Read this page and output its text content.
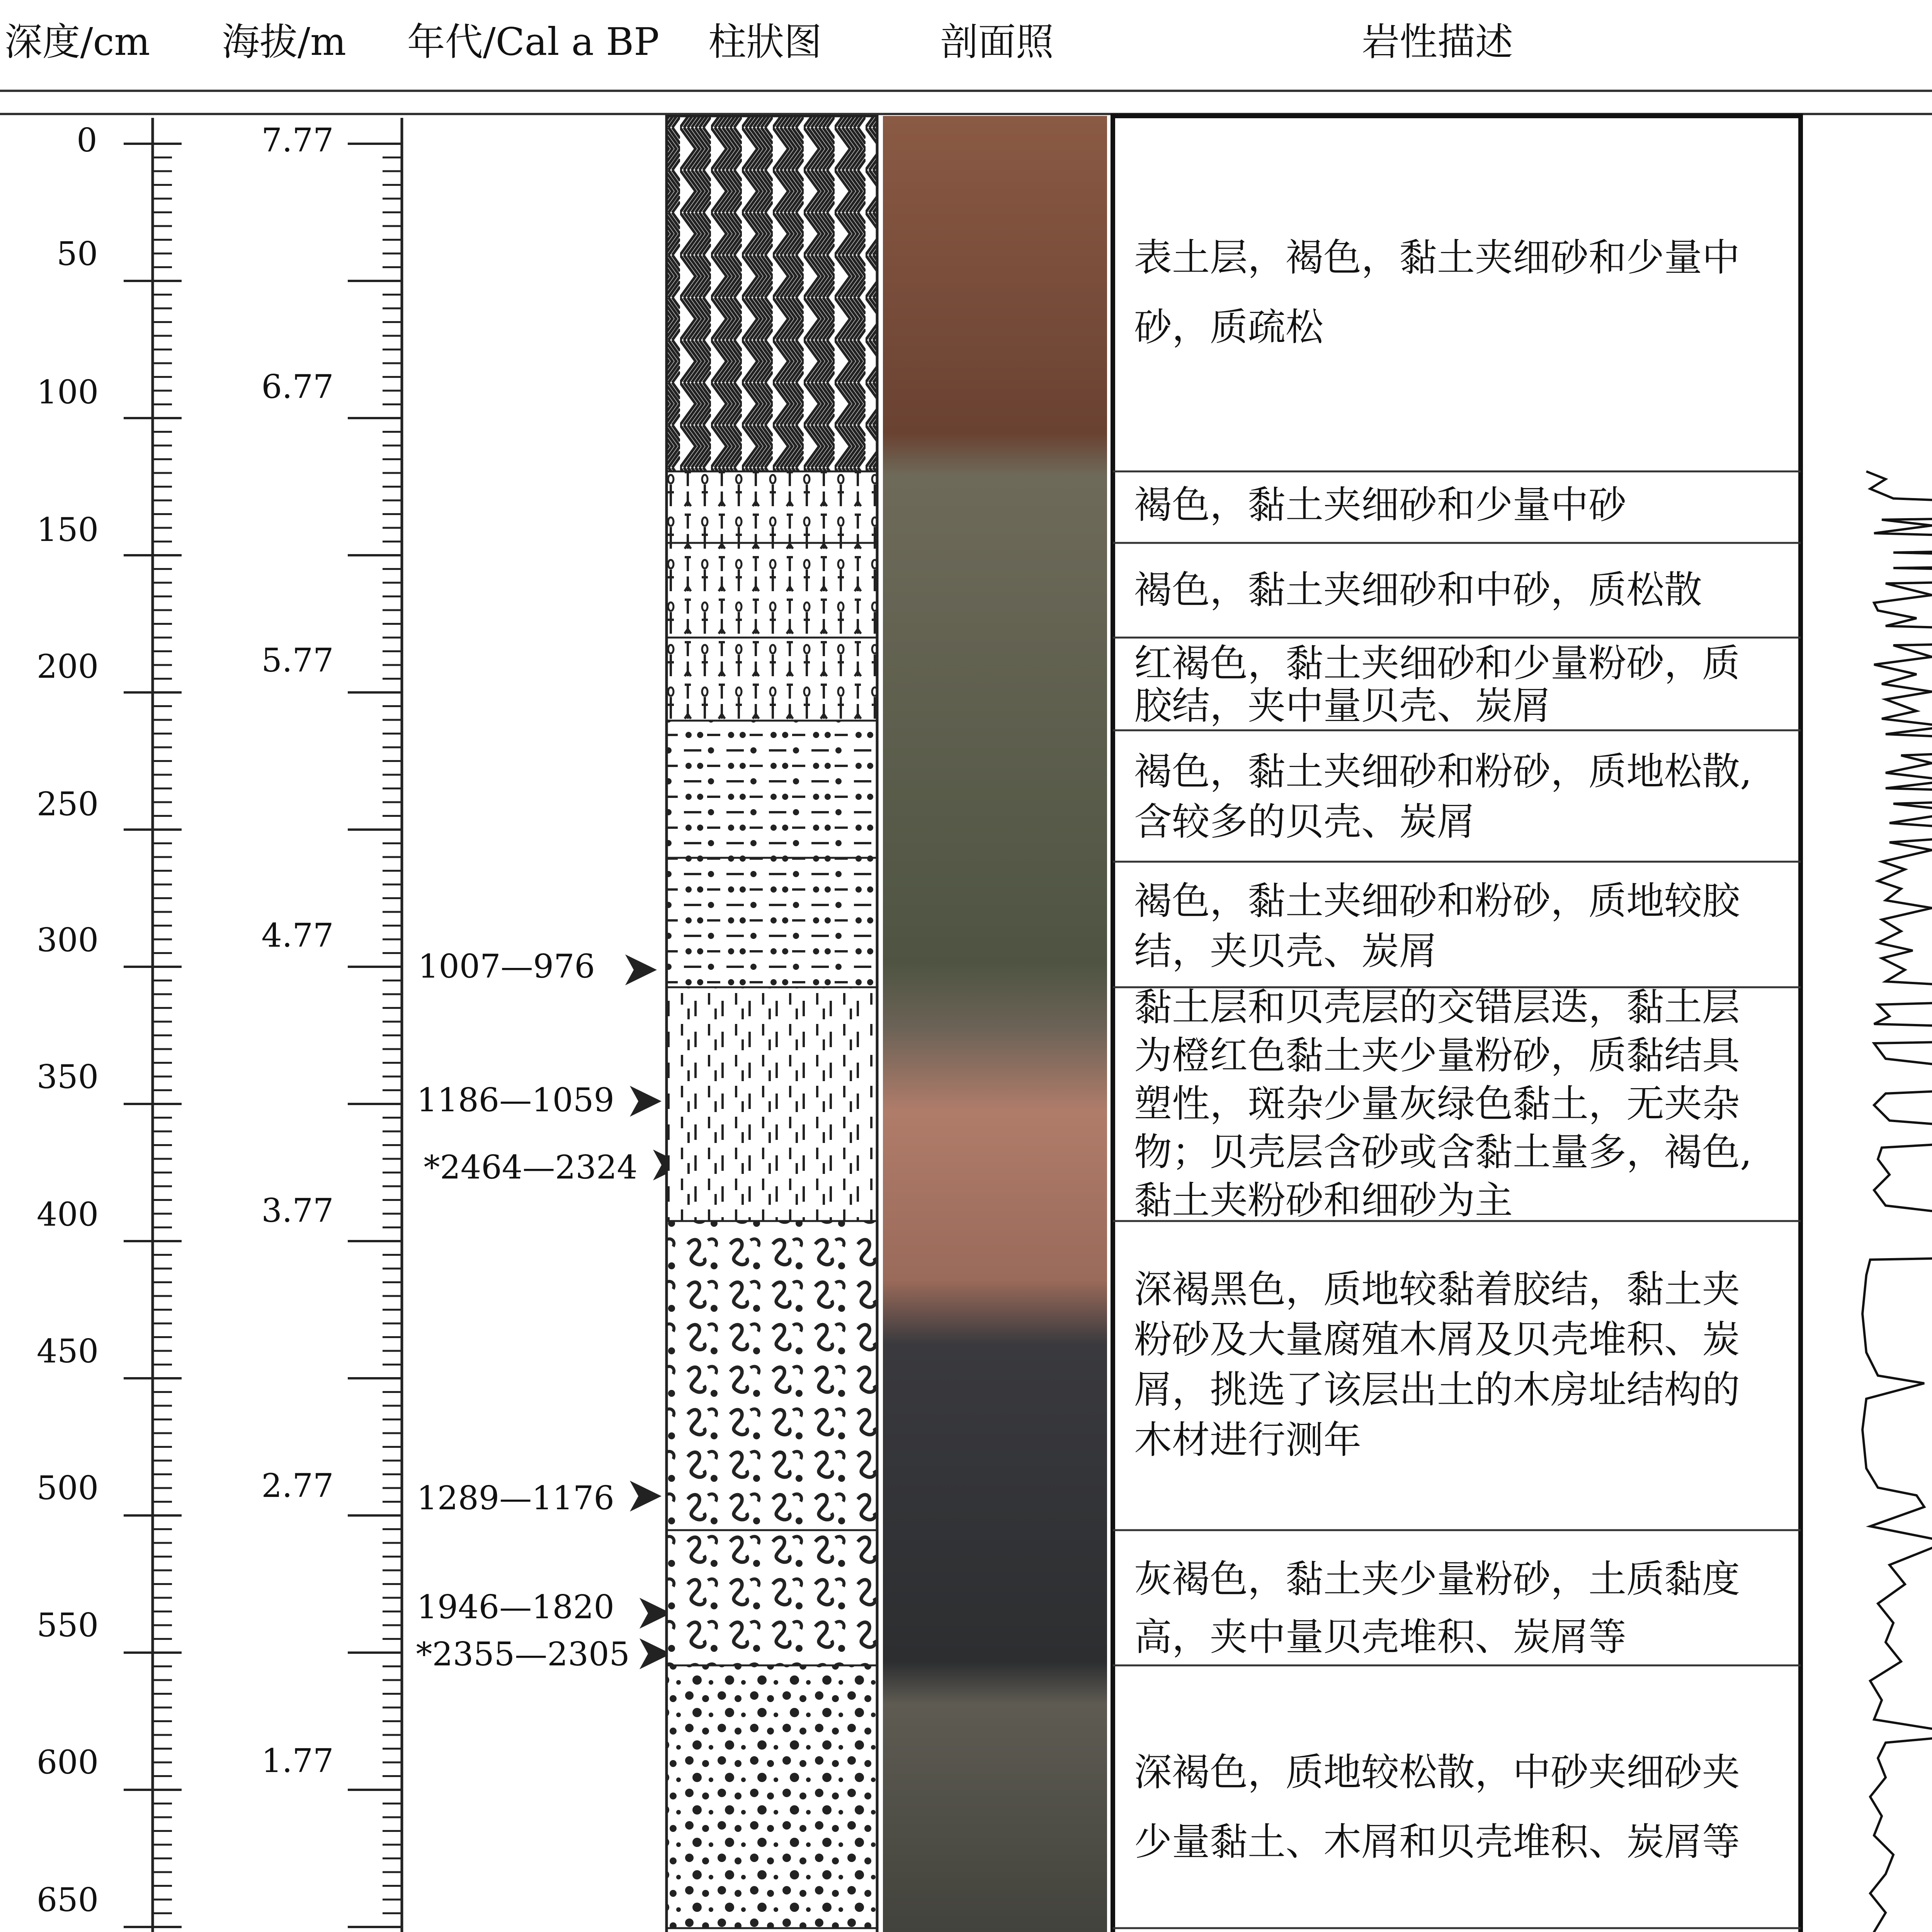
深度/cm 海拔/m 年代/Cal a BP 柱狀图	剖面照	岩性描述
0
50
100
150
200
250
300
350
400
450
500
550
600
650
7.77
6.77
5.77
4.77
3.77
2.77
1.77
1007—976
1186—1059
*2464—2324
1289—1176
1946—1820
*2355—2305
表土层，褐色，黏土夹细砂和少量中
砂，质疏松
褐色，黏土夹细砂和少量中砂
褐色，黏土夹细砂和中砂，质松散
红褐色，黏土夹细砂和少量粉砂，质
胶结，夹中量贝壳、炭屑
褐色，黏土夹细砂和粉砂，质地松散,
含较多的贝壳、炭屑
褐色，黏土夹细砂和粉砂，质地较胶
结，夹贝壳、炭屑
黏土层和贝壳层的交错层迭，黏土层
为橙红色黏土夹少量粉砂，质黏结具
塑性，斑杂少量灰绿色黏土，无夹杂
物；贝壳层含砂或含黏土量多，褐色,
黏土夹粉砂和细砂为主
深褐黑色，质地较黏着胶结，黏土夹
粉砂及大量腐殖木屑及贝壳堆积、炭
屑，挑选了该层出土的木房址结构的
木材进行测年
灰褐色，黏土夹少量粉砂，土质黏度
高，夹中量贝壳堆积、炭屑等
深褐色，质地较松散，中砂夹细砂夹
少量黏土、木屑和贝壳堆积、炭屑等
